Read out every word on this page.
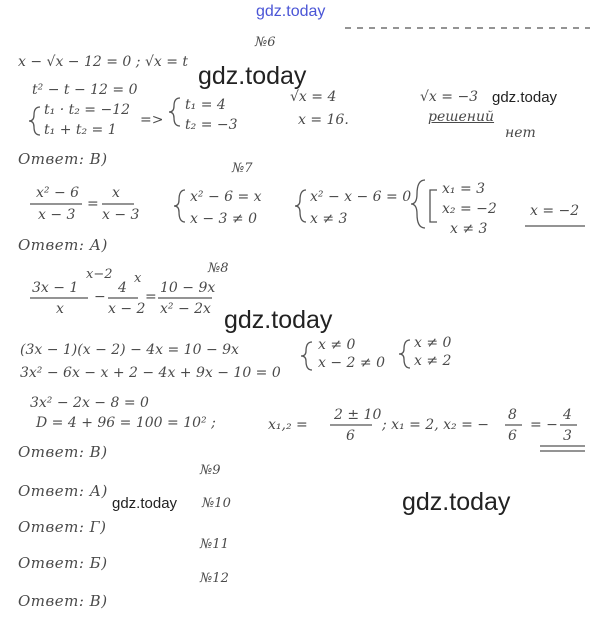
gdz.today
gdz.today
gdz.today
gdz.today
gdz.today	gdz.today
№6
x − √x − 12 = 0 ; √x = t
t² − t − 12 = 0
t₁ · t₂ = −12
t₁ + t₂ = 1
=>
t₁ = 4
t₂ = −3
√x = 4
x = 16.
√x = −3
решений
нет
Ответ: В)
№7
x² − 6
x − 3
=
x
x − 3
x² − 6 = x
x − 3 ≠ 0
x² − x − 6 = 0
x ≠ 3
x₁ = 3
x₂ = −2
x ≠ 3
x = −2
Ответ: А)
№8
x−2
3x − 1
x
−
x
4
x − 2
=
10 − 9x
x² − 2x
(3x − 1)(x − 2) − 4x = 10 − 9x	x ≠ 0
x − 2 ≠ 0
x ≠ 0
x ≠ 2
3x² − 6x − x + 2 − 4x + 9x − 10 = 0
3x² − 2x − 8 = 0
D = 4 + 96 = 100 = 10² ;	x₁,₂ =
2 ± 10
6
; x₁ = 2, x₂ = −
8
6
= −
4
3
Ответ: В)
№9
Ответ: А)
№10
Ответ: Г)
№11
Ответ: Б)
№12
Ответ: В)
